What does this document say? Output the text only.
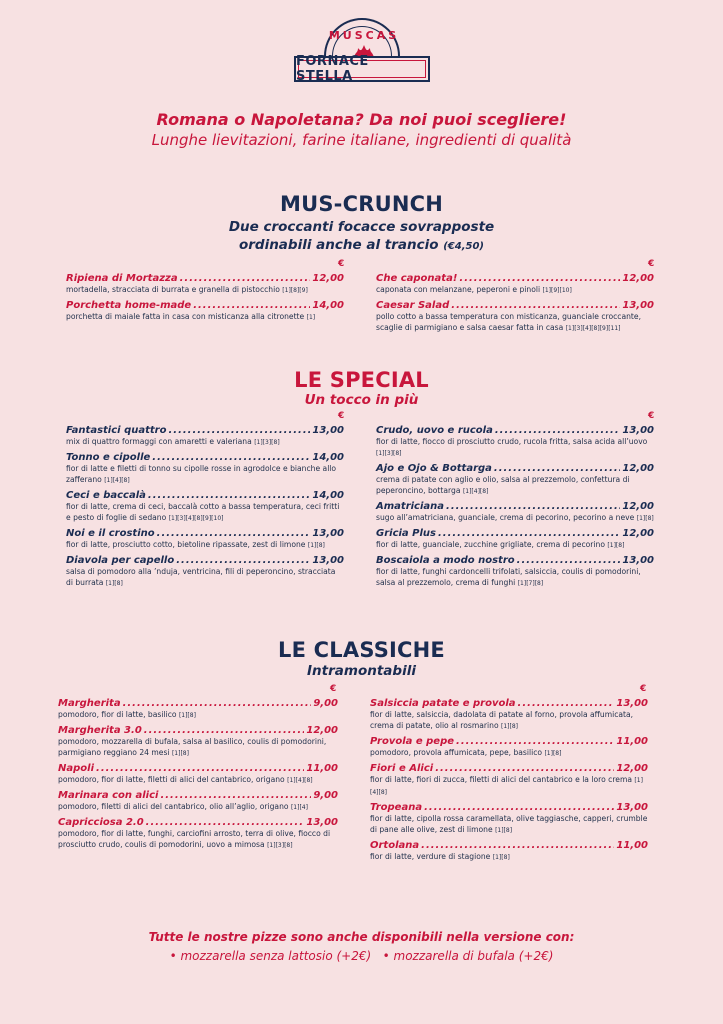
MUSCAS
FORNACE STELLA
Romana o Napoletana? Da noi puoi scegliere!
Lunghe lievitazioni, farine italiane, ingredienti di qualità
MUS-CRUNCH
Due croccanti focacce sovrapposte
ordinabili anche al trancio (€4,50)
€	€
Ripiena di Mortazza .....	12,00
mortadella, stracciata di burrata e granella di pistocchio [1][8][9]
Porchetta home-made .....	14,00
porchetta di maiale fatta in casa con misticanza alla citronette [1]
Che caponata! .....	12,00
caponata con melanzane, peperoni e pinoli [1][9][10]
Caesar Salad .....	13,00
pollo cotto a bassa temperatura con misticanza, guanciale croccante, scaglie di parmigiano e salsa caesar fatta in casa [1][3][4][8][9][11]
LE SPECIAL
Un tocco in più
€	€
Fantastici quattro .....	13,00
mix di quattro formaggi con amaretti e valeriana [1][3][8]
Tonno e cipolle .....	14,00
fior di latte e filetti di tonno su cipolle rosse in agrodolce e bianche allo zafferano [1][4][8]
Ceci e baccalà .....	14,00
fior di latte, crema di ceci, baccalà cotto a bassa temperatura, ceci fritti e pesto di foglie di sedano [1][3][4][8][9][10]
Noi e il crostino .....	13,00
fior di latte, prosciutto cotto, bietoline ripassate, zest di limone [1][8]
Diavola per capello .....	13,00
salsa di pomodoro alla ’nduja, ventricina, fili di peperoncino, stracciata di burrata [1][8]
Crudo, uovo e rucola .....	13,00
fior di latte, fiocco di prosciutto crudo, rucola fritta, salsa acida all’uovo [1][3][8]
Ajo e Ojo & Bottarga .....	12,00
crema di patate con aglio e olio, salsa al prezzemolo, confettura di peperoncino, bottarga [1][4][8]
Amatriciana .....	12,00
sugo all’amatriciana, guanciale, crema di pecorino, pecorino a neve [1][8]
Gricia Plus .....	12,00
fior di latte, guanciale, zucchine grigliate, crema di pecorino [1][8]
Boscaiola a modo nostro .....	13,00
fior di latte, funghi cardoncelli trifolati, salsiccia, coulis di pomodorini, salsa al prezzemolo, crema di funghi [1][7][8]
LE CLASSICHE
Intramontabili
€	€
Margherita .....	9,00
pomodoro, fior di latte, basilico [1][8]
Margherita 3.0 .....	12,00
pomodoro, mozzarella di bufala, salsa al basilico, coulis di pomodorini, parmigiano reggiano 24 mesi [1][8]
Napoli .....	11,00
pomodoro, fior di latte, filetti di alici del cantabrico, origano [1][4][8]
Marinara con alici .....	9,00
pomodoro, filetti di alici del cantabrico, olio all’aglio, origano [1][4]
Capricciosa 2.0 .....	13,00
pomodoro, fior di latte, funghi, carciofini arrosto, terra di olive, fiocco di prosciutto crudo, coulis di pomodorini, uovo a mimosa [1][3][8]
Salsiccia patate e provola .....	13,00
fior di latte, salsiccia, dadolata di patate al forno, provola affumicata, crema di patate, olio al rosmarino [1][8]
Provola e pepe .....	11,00
pomodoro, provola affumicata, pepe, basilico [1][8]
Fiori e Alici .....	12,00
fior di latte, fiori di zucca, filetti di alici del cantabrico e la loro crema [1][4][8]
Tropeana .....	13,00
fior di latte, cipolla rossa caramellata, olive taggiasche, capperi, crumble di pane alle olive, zest di limone [1][8]
Ortolana .....	11,00
fior di latte, verdure di stagione [1][8]
Tutte le nostre pizze sono anche disponibili nella versione con:
• mozzarella senza lattosio (+2€) • mozzarella di bufala (+2€)
